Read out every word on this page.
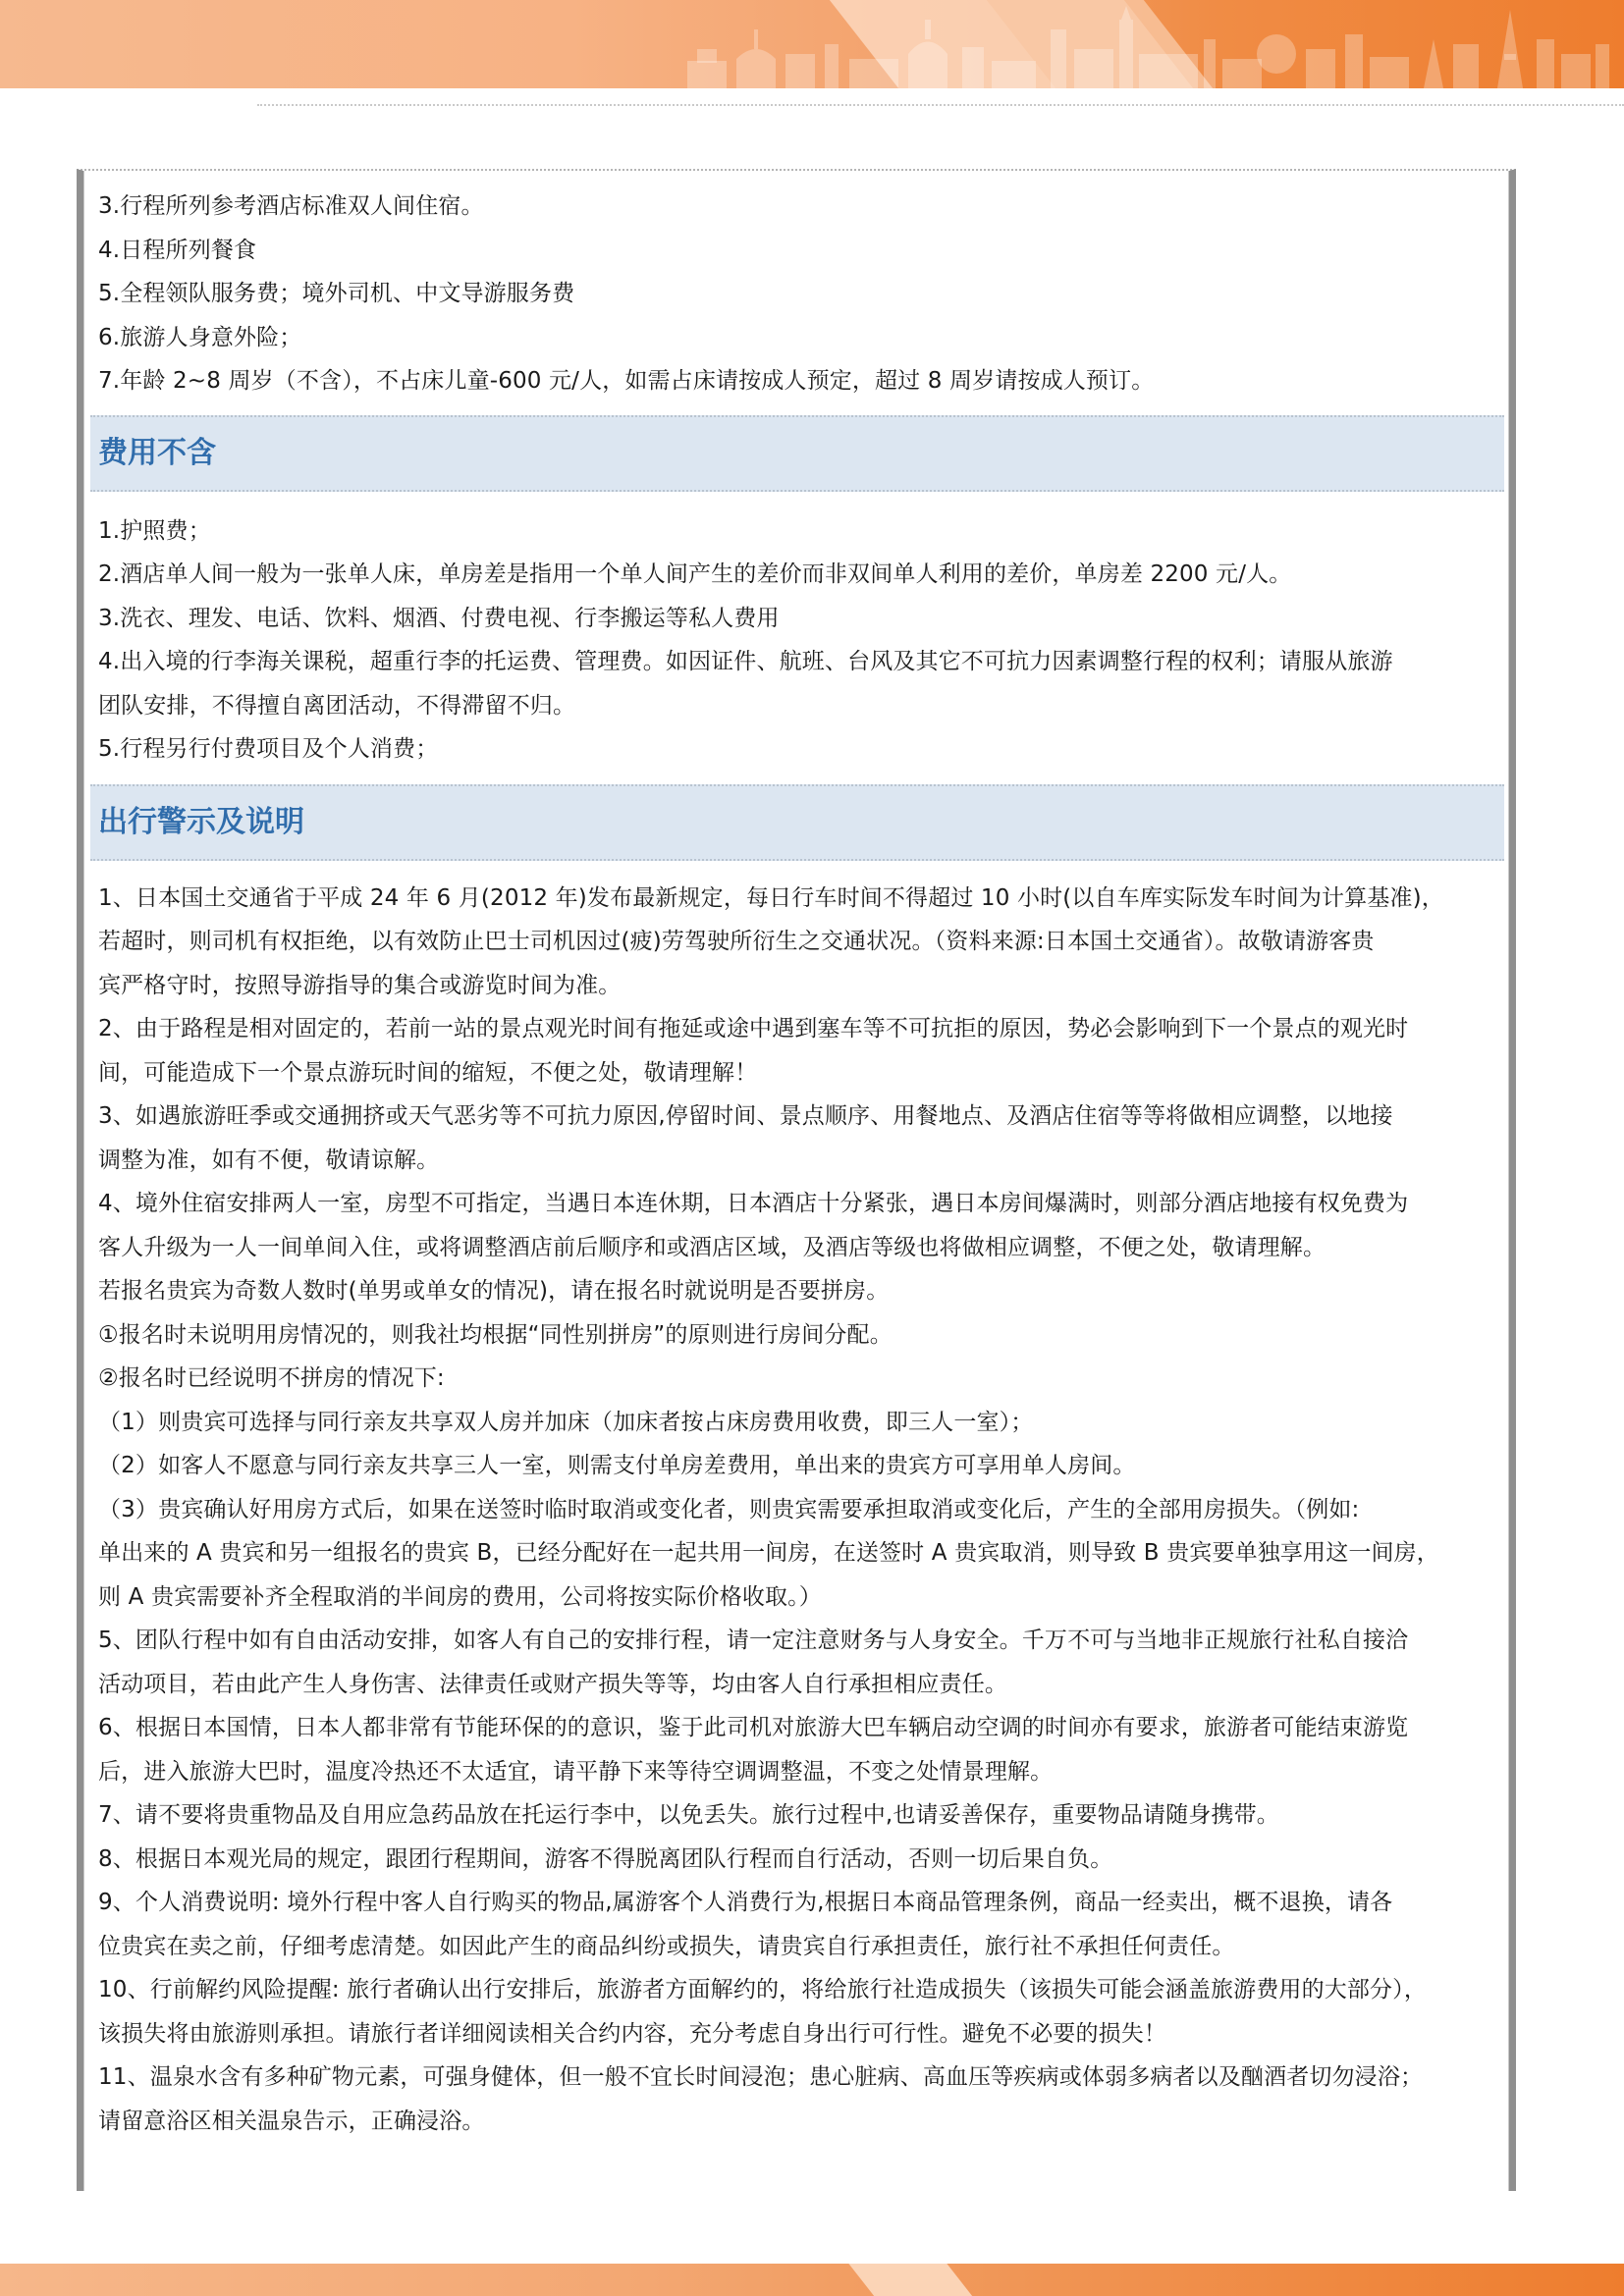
3.行程所列参考酒店标准双人间住宿。

4.日程所列餐食

5.全程领队服务费；境外司机、中文导游服务费

6.旅游人身意外险；

7.年龄 2~8 周岁（不含），不占床儿童-600 元/人，如需占床请按成人预定，超过 8 周岁请按成人预订。

费用不含

1.护照费；

2.酒店单人间一般为一张单人床，单房差是指用一个单人间产生的差价而非双间单人利用的差价，单房差 2200 元/人。

3.洗衣、理发、电话、饮料、烟酒、付费电视、行李搬运等私人费用

4.出入境的行李海关课税，超重行李的托运费、管理费。如因证件、航班、台风及其它不可抗力因素调整行程的权利；请服从旅游

团队安排，不得擅自离团活动，不得滞留不归。

5.行程另行付费项目及个人消费；

出行警示及说明

1、日本国土交通省于平成 24 年 6 月(2012 年)发布最新规定，每日行车时间不得超过 10 小时(以自车库实际发车时间为计算基准)，

若超时，则司机有权拒绝，以有效防止巴士司机因过(疲)劳驾驶所衍生之交通状况。（资料来源:日本国土交通省）。故敬请游客贵

宾严格守时，按照导游指导的集合或游览时间为准。

2、由于路程是相对固定的，若前一站的景点观光时间有拖延或途中遇到塞车等不可抗拒的原因，势必会影响到下一个景点的观光时

间，可能造成下一个景点游玩时间的缩短，不便之处，敬请理解！

3、如遇旅游旺季或交通拥挤或天气恶劣等不可抗力原因,停留时间、景点顺序、用餐地点、及酒店住宿等等将做相应调整，以地接

调整为准，如有不便，敬请谅解。

4、境外住宿安排两人一室，房型不可指定，当遇日本连休期，日本酒店十分紧张，遇日本房间爆满时，则部分酒店地接有权免费为

客人升级为一人一间单间入住，或将调整酒店前后顺序和或酒店区域，及酒店等级也将做相应调整，不便之处，敬请理解。

若报名贵宾为奇数人数时(单男或单女的情况)，请在报名时就说明是否要拼房。

①报名时未说明用房情况的，则我社均根据“同性别拼房”的原则进行房间分配。

②报名时已经说明不拼房的情况下:

（1）则贵宾可选择与同行亲友共享双人房并加床（加床者按占床房费用收费，即三人一室）；

（2）如客人不愿意与同行亲友共享三人一室，则需支付单房差费用，单出来的贵宾方可享用单人房间。

（3）贵宾确认好用房方式后，如果在送签时临时取消或变化者，则贵宾需要承担取消或变化后，产生的全部用房损失。（例如:

单出来的 A 贵宾和另一组报名的贵宾 B，已经分配好在一起共用一间房，在送签时 A 贵宾取消，则导致 B 贵宾要单独享用这一间房，

则 A 贵宾需要补齐全程取消的半间房的费用，公司将按实际价格收取。）

5、团队行程中如有自由活动安排，如客人有自己的安排行程，请一定注意财务与人身安全。千万不可与当地非正规旅行社私自接洽

活动项目，若由此产生人身伤害、法律责任或财产损失等等，均由客人自行承担相应责任。

6、根据日本国情，日本人都非常有节能环保的的意识，鉴于此司机对旅游大巴车辆启动空调的时间亦有要求，旅游者可能结束游览

后，进入旅游大巴时，温度冷热还不太适宜，请平静下来等待空调调整温，不变之处情景理解。

7、请不要将贵重物品及自用应急药品放在托运行李中，以免丢失。旅行过程中,也请妥善保存，重要物品请随身携带。

8、根据日本观光局的规定，跟团行程期间，游客不得脱离团队行程而自行活动，否则一切后果自负。

9、个人消费说明: 境外行程中客人自行购买的物品,属游客个人消费行为,根据日本商品管理条例，商品一经卖出，概不退换，请各

位贵宾在卖之前，仔细考虑清楚。如因此产生的商品纠纷或损失，请贵宾自行承担责任，旅行社不承担任何责任。

10、行前解约风险提醒: 旅行者确认出行安排后，旅游者方面解约的，将给旅行社造成损失（该损失可能会涵盖旅游费用的大部分），

该损失将由旅游则承担。请旅行者详细阅读相关合约内容，充分考虑自身出行可行性。避免不必要的损失！

11、温泉水含有多种矿物元素，可强身健体，但一般不宜长时间浸泡；患心脏病、高血压等疾病或体弱多病者以及酗酒者切勿浸浴；

请留意浴区相关温泉告示，正确浸浴。
